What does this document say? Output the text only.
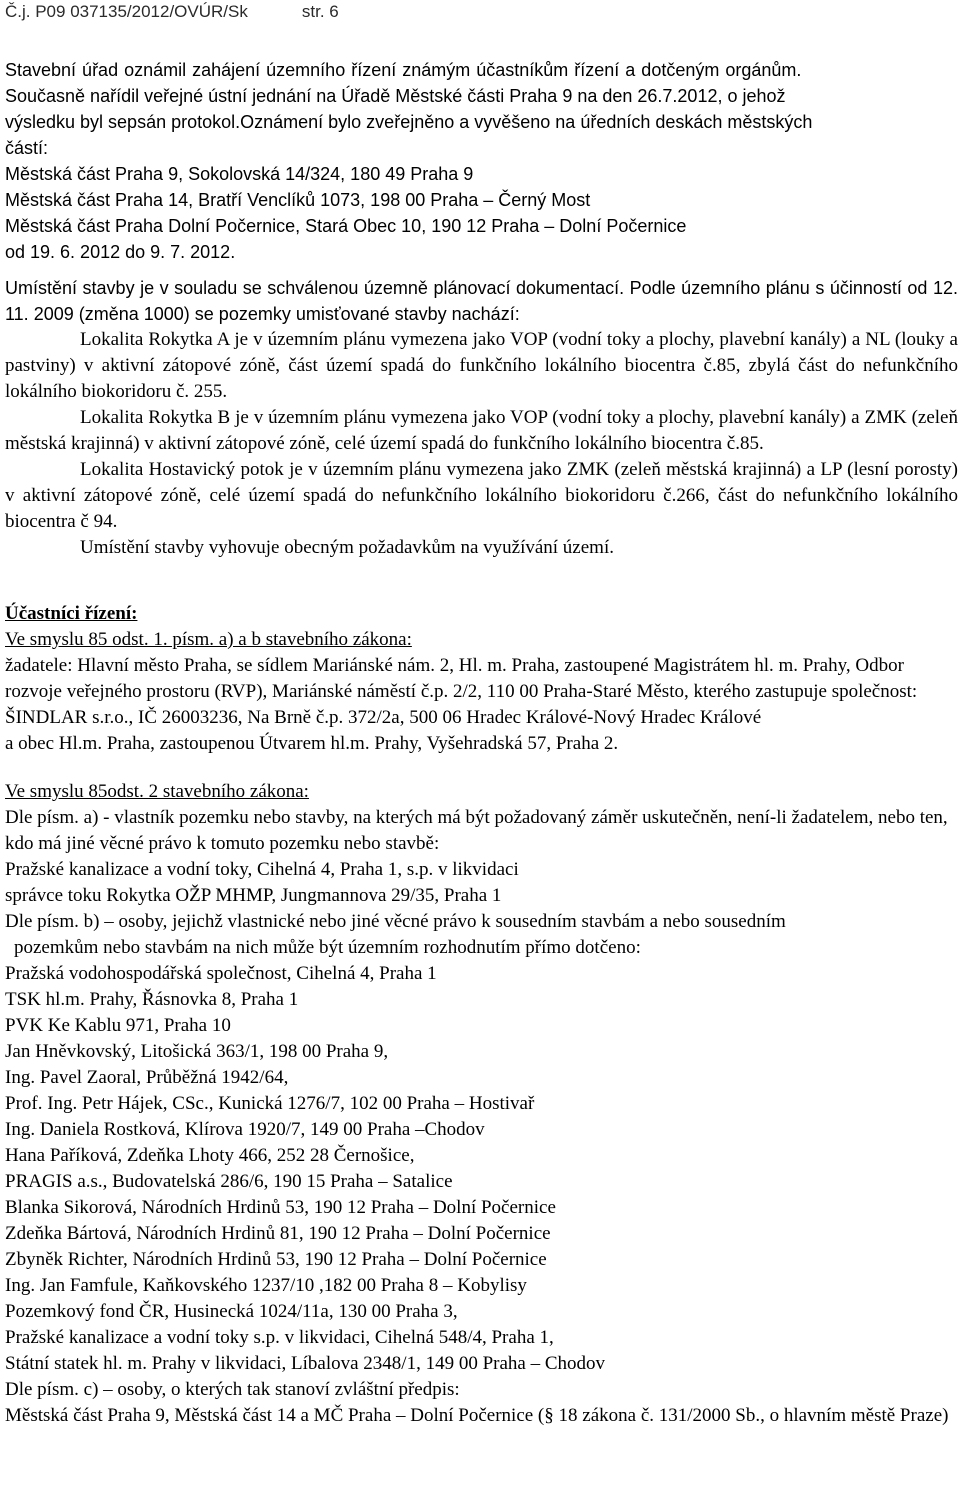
Č.j. P09 037135/2012/OVÚR/Sk	str. 6

Stavební úřad oznámil zahájení územního řízení známým účastníkům řízení a dotčeným orgánům.

Současně nařídil veřejné ústní jednání na Úřadě Městské části Praha 9 na den 26.7.2012, o jehož

výsledku byl sepsán protokol.Oznámení bylo zveřejněno a vyvěšeno na úředních deskách městských

částí:

Městská část Praha 9, Sokolovská 14/324, 180 49 Praha 9

Městská část Praha 14, Bratří Venclíků 1073, 198 00 Praha – Černý Most

Městská část Praha Dolní Počernice, Stará Obec 10, 190 12 Praha – Dolní Počernice

od 19. 6. 2012 do 9. 7. 2012.

Umístění stavby je v souladu se schválenou územně plánovací dokumentací. Podle územního plánu s účinností od 12. 11. 2009 (změna 1000) se pozemky umisťované stavby nachází:

Lokalita Rokytka A je v územním plánu vymezena jako VOP (vodní toky a plochy, plavební kanály) a NL (louky a pastviny) v aktivní zátopové zóně, část území spadá do funkčního lokálního biocentra č.85, zbylá část do nefunkčního lokálního biokoridoru č. 255.

Lokalita Rokytka B je v územním plánu vymezena jako VOP (vodní toky a plochy, plavební kanály) a ZMK (zeleň městská krajinná) v aktivní zátopové zóně, celé území spadá do funkčního lokálního biocentra č.85.

Lokalita Hostavický potok je v územním plánu vymezena jako ZMK (zeleň městská krajinná) a LP (lesní porosty) v aktivní zátopové zóně, celé území spadá do nefunkčního lokálního biokoridoru č.266, část do nefunkčního lokálního biocentra č 94.

Umístění stavby vyhovuje obecným požadavkům na využívání území.

Účastníci řízení:

Ve smyslu 85 odst. 1. písm. a) a b stavebního zákona:

žadatele: Hlavní město Praha, se sídlem Mariánské nám. 2, Hl. m. Praha, zastoupené Magistrátem hl. m. Prahy, Odbor rozvoje veřejného prostoru (RVP), Mariánské náměstí č.p. 2/2, 110 00 Praha-Staré Město, kterého zastupuje společnost: ŠINDLAR s.r.o., IČ 26003236, Na Brně č.p. 372/2a, 500 06 Hradec Králové-Nový Hradec Králové

a obec Hl.m. Praha, zastoupenou Útvarem hl.m. Prahy, Vyšehradská 57, Praha 2.

Ve smyslu 85odst. 2 stavebního zákona:

Dle písm. a) - vlastník pozemku nebo stavby, na kterých má být požadovaný záměr uskutečněn, není-li žadatelem, nebo ten, kdo má jiné věcné právo k tomuto pozemku nebo stavbě:

Pražské kanalizace a vodní toky, Cihelná 4, Praha 1, s.p. v likvidaci

správce toku Rokytka OŽP MHMP, Jungmannova 29/35, Praha 1

Dle písm. b) – osoby, jejichž vlastnické nebo jiné věcné právo k sousedním stavbám a nebo sousedním

pozemkům nebo stavbám na nich může být územním rozhodnutím přímo dotčeno:

Pražská vodohospodářská společnost, Cihelná 4, Praha 1

TSK hl.m. Prahy, Řásnovka 8, Praha 1

PVK Ke Kablu 971, Praha 10

Jan Hněvkovský, Litošická 363/1, 198 00 Praha 9,

Ing. Pavel Zaoral, Průběžná 1942/64,

Prof. Ing. Petr Hájek, CSc., Kunická 1276/7, 102 00 Praha – Hostivař

Ing. Daniela Rostková, Klírova 1920/7, 149 00 Praha –Chodov

Hana Paříková, Zdeňka Lhoty 466, 252 28 Černošice,

PRAGIS a.s., Budovatelská 286/6, 190 15 Praha – Satalice

Blanka Sikorová, Národních Hrdinů 53, 190 12 Praha – Dolní Počernice

Zdeňka Bártová, Národních Hrdinů 81, 190 12 Praha – Dolní Počernice

Zbyněk Richter, Národních Hrdinů 53, 190 12 Praha – Dolní Počernice

Ing. Jan Famfule, Kaňkovského 1237/10 ,182 00 Praha 8 – Kobylisy

Pozemkový fond ČR, Husinecká 1024/11a, 130 00 Praha 3,

Pražské kanalizace a vodní toky s.p. v likvidaci, Cihelná 548/4, Praha 1,

Státní statek hl. m. Prahy v likvidaci, Líbalova 2348/1, 149 00 Praha – Chodov

Dle písm. c) – osoby, o kterých tak stanoví zvláštní předpis:

Městská část Praha 9, Městská část 14 a MČ Praha – Dolní Počernice (§ 18 zákona č. 131/2000 Sb., o hlavním městě Praze)
